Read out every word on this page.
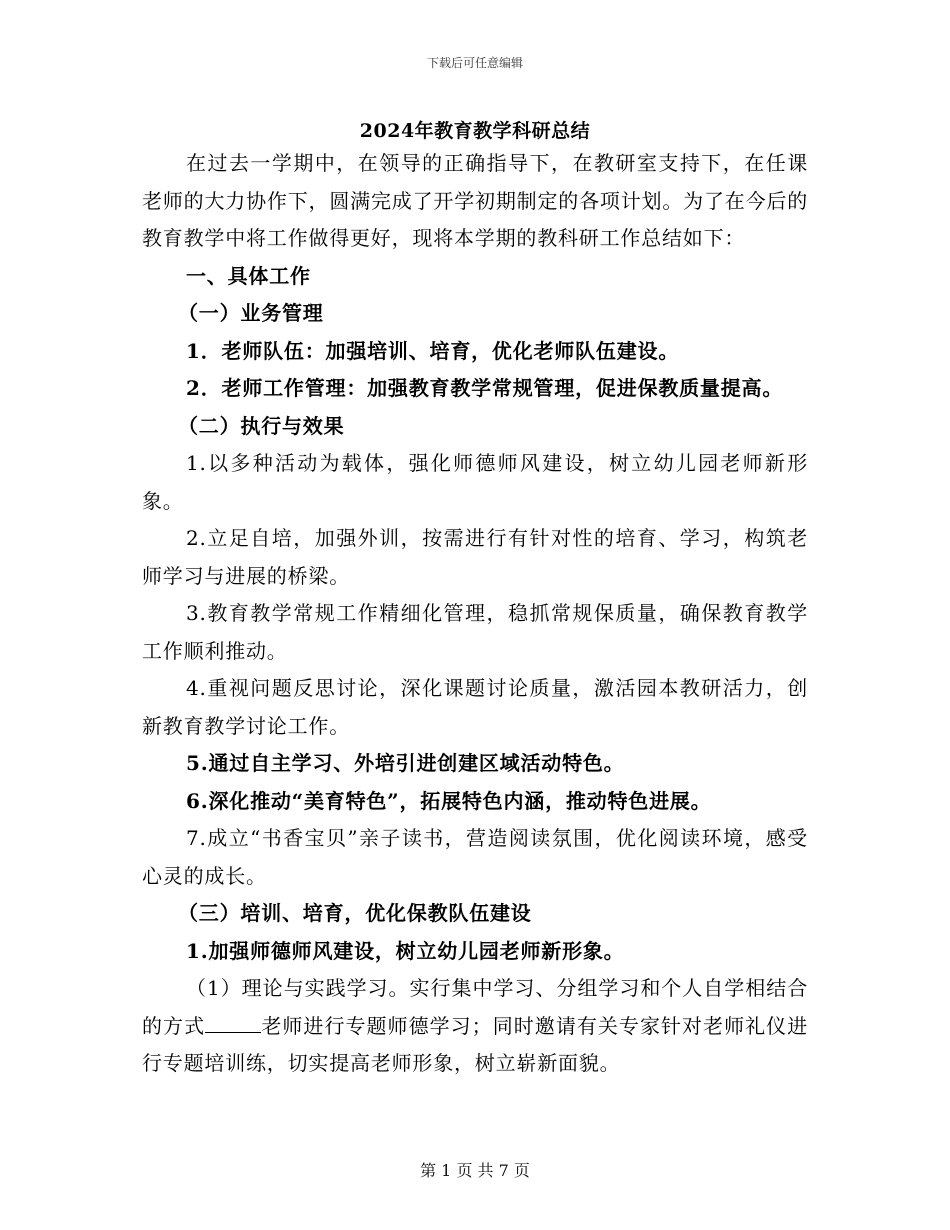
下载后可任意编辑
2024年教育教学科研总结

在过去一学期中，在领导的正确指导下，在教研室支持下，在任课老师的大力协作下，圆满完成了开学初期制定的各项计划。为了在今后的教育教学中将工作做得更好，现将本学期的教科研工作总结如下：

一、具体工作

（一）业务管理

1．老师队伍：加强培训、培育，优化老师队伍建设。

2．老师工作管理：加强教育教学常规管理，促进保教质量提高。

（二）执行与效果

1.以多种活动为载体，强化师德师风建设，树立幼儿园老师新形象。

2.立足自培，加强外训，按需进行有针对性的培育、学习，构筑老师学习与进展的桥梁。

3.教育教学常规工作精细化管理，稳抓常规保质量，确保教育教学工作顺利推动。

4.重视问题反思讨论，深化课题讨论质量，激活园本教研活力，创新教育教学讨论工作。

5.通过自主学习、外培引进创建区域活动特色。

6.深化推动“美育特色”，拓展特色内涵，推动特色进展。

7.成立“书香宝贝”亲子读书，营造阅读氛围，优化阅读环境，感受心灵的成长。

（三）培训、培育，优化保教队伍建设

1.加强师德师风建设，树立幼儿园老师新形象。

（1）理论与实践学习。实行集中学习、分组学习和个人自学相结合的方式	老师进行专题师德学习；同时邀请有关专家针对老师礼仪进行专题培训练，切实提高老师形象，树立崭新面貌。

第 1 页 共 7 页
